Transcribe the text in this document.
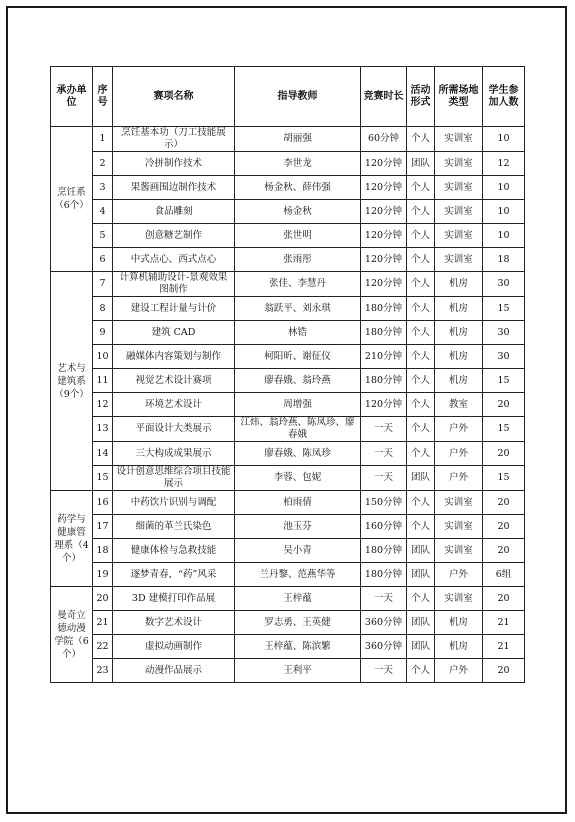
承办单位	序号	赛项名称	指导教师	竞赛时长	活动形式	所需场地类型	学生参加人数
烹饪系（6个）	1	烹饪基本功（刀工技能展示）	胡丽强	60分钟	个人	实训室	10
	2	冷拼制作技术	李世龙	120分钟	团队	实训室	12
	3	果酱画围边制作技术	杨金秋、薛伟强	120分钟	个人	实训室	10
	4	食品雕刻	杨金秋	120分钟	个人	实训室	10
	5	创意糖艺制作	张世明	120分钟	个人	实训室	10
	6	中式点心、西式点心	张雨彤	120分钟	个人	实训室	18
艺术与建筑系（9个）	7	计算机辅助设计-景观效果图制作	张佳、李慧丹	120分钟	个人	机房	30
	8	建设工程计量与计价	翁跃平、刘永琪	180分钟	个人	机房	15
	9	建筑 CAD	林锆	180分钟	个人	机房	30
	10	融媒体内容策划与制作	柯阳昕、谢征仪	210分钟	个人	机房	30
	11	视觉艺术设计赛项	廖春娥、翁玲燕	180分钟	个人	机房	15
	12	环境艺术设计	周增强	120分钟	个人	教室	20
	13	平面设计大类展示	江炜、翁玲燕、陈凤珍、廖春娥	一天	个人	户外	15
	14	三大构成成果展示	廖春娥、陈凤珍	一天	个人	户外	20
	15	设计创意思维综合项目技能展示	李蓉、包妮	一天	团队	户外	15
药学与健康管理系（4个）	16	中药饮片识别与调配	柏雨倩	150分钟	个人	实训室	20
	17	细菌的革兰氏染色	池玉芬	160分钟	个人	实训室	20
	18	健康体检与急救技能	吴小青	180分钟	团队	实训室	20
	19	逐梦青春，“药”风采	兰丹黎、范燕华等	180分钟	团队	户外	6组
曼奇立德动漫学院（6个）	20	3D 建模打印作品展	王梓蕴	一天	个人	实训室	20
	21	数字艺术设计	罗志勇、王英健	360分钟	团队	机房	21
	22	虚拟动画制作	王梓蕴、陈滨繁	360分钟	团队	机房	21
	23	动漫作品展示	王利平	一天	个人	户外	20
